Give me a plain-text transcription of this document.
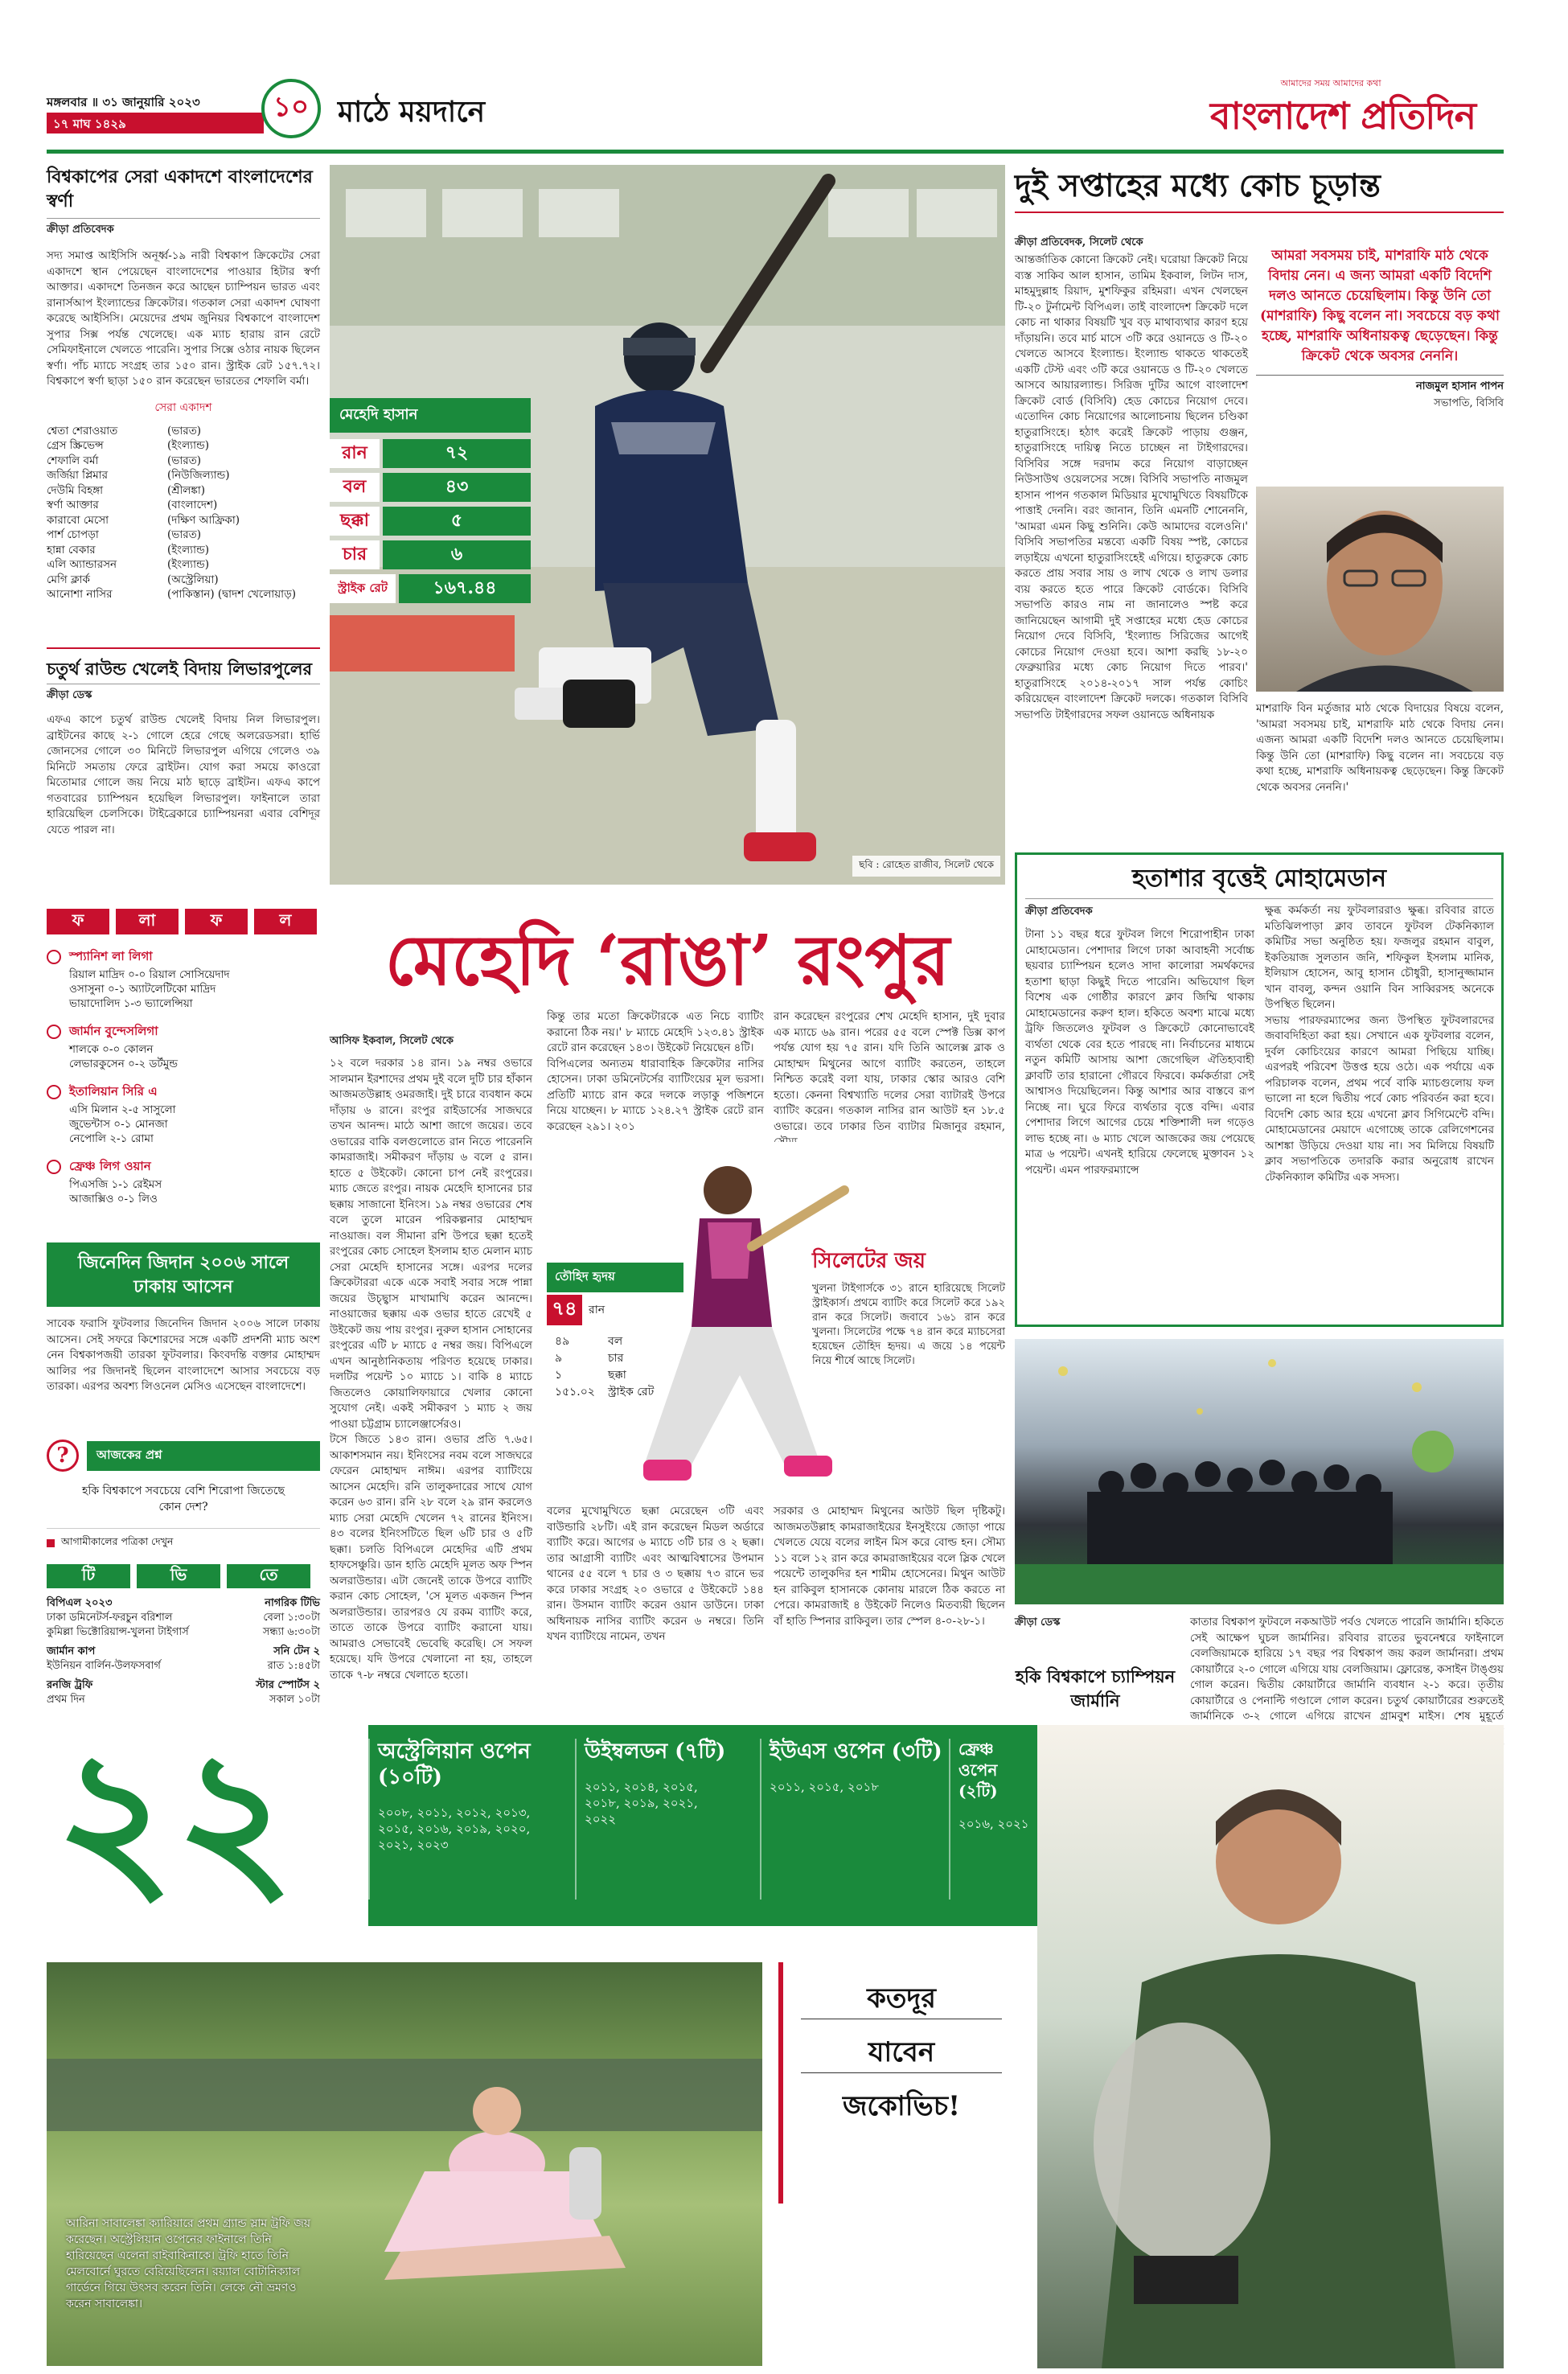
মঙ্গলবার ॥ ৩১ জানুয়ারি ২০২৩
১৭ মাঘ ১৪২৯
১০ মাঠে ময়দানে
আমাদের সময় আমাদের কথা
বাংলাদেশ প্রতিদিন
বিশ্বকাপের সেরা একাদশে বাংলাদেশের স্বর্ণা
ক্রীড়া প্রতিবেদক
সদ্য সমাপ্ত আইসিসি অনূর্ধ্ব-১৯ নারী বিশ্বকাপ ক্রিকেটের সেরা একাদশে স্থান পেয়েছেন বাংলাদেশের পাওয়ার হিটার স্বর্ণা আক্তার। একাদশে তিনজন করে আছেন চ্যাম্পিয়ন ভারত এবং রানার্সআপ ইংল্যান্ডের ক্রিকেটার। গতকাল সেরা একাদশ ঘোষণা করেছে আইসিসি। মেয়েদের প্রথম জুনিয়র বিশ্বকাপে বাংলাদেশ সুপার সিক্স পর্যন্ত খেলেছে। এক ম্যাচ হারায় রান রেটে সেমিফাইনালে খেলতে পারেনি। সুপার সিক্সে ওঠার নায়ক ছিলেন স্বর্ণা। পাঁচ ম্যাচে সংগ্রহ তার ১৫০ রান। স্ট্রাইক রেট ১৫৭.৭২। বিশ্বকাপে স্বর্ণা ছাড়া ১৫০ রান করেছেন ভারতের শেফালি বর্মা।
সেরা একাদশ
শ্বেতা শেরাওয়াত	(ভারত)
গ্রেস স্ক্রিভেন্স	(ইংল্যান্ড)
শেফালি বর্মা	(ভারত)
জর্জিয়া প্লিমার	(নিউজিল্যান্ড)
দেউমি বিহঙ্গা	(শ্রীলঙ্কা)
স্বর্ণা আক্তার	(বাংলাদেশ)
কারাবো মেসো	(দক্ষিণ আফ্রিকা)
পার্শ চোপড়া	(ভারত)
হান্না বেকার	(ইংল্যান্ড)
এলি অ্যান্ডারসন	(ইংল্যান্ড)
মেগি ক্লার্ক	(অস্ট্রেলিয়া)
আনোশা নাসির	(পাকিস্তান) (দ্বাদশ খেলোয়াড়)
চতুর্থ রাউন্ড খেলেই বিদায় লিভারপুলের
ক্রীড়া ডেস্ক
এফএ কাপে চতুর্থ রাউন্ড খেলেই বিদায় নিল লিভারপুল। ব্রাইটনের কাছে ২-১ গোলে হেরে গেছে অলরেডসরা। হার্ভি জোনসের গোলে ৩০ মিনিটে লিভারপুল এগিয়ে গেলেও ৩৯ মিনিটে সমতায় ফেরে ব্রাইটন। যোগ করা সময়ে কাওরো মিতোমার গোলে জয় নিয়ে মাঠ ছাড়ে ব্রাইটন। এফএ কাপে গতবারের চ্যাম্পিয়ন হয়েছিল লিভারপুল। ফাইনালে তারা হারিয়েছিল চেলসিকে। টাইব্রেকারে চ্যাম্পিয়নরা এবার বেশিদূর যেতে পারল না।
ফ	লা	ফ	ল
স্প্যানিশ লা লিগা
রিয়াল মাদ্রিদ ০-০ রিয়াল সোসিয়েদাদ
ওসাসুনা ০-১ অ্যাটলেটিকো মাদ্রিদ
ভায়াদোলিদ ১-৩ ভ্যালেন্সিয়া
জার্মান বুন্দেসলিগা
শালকে ০-০ কোলন
লেভারকুসেন ০-২ ডর্টমুন্ড
ইতালিয়ান সিরি এ
এসি মিলান ২-৫ সাসুলো
জুভেন্টাস ০-১ মোনজা
নেপোলি ২-১ রোমা
ফ্রেঞ্চ লিগ ওয়ান
পিএসজি ১-১ রেইমস
আজাক্সিও ০-১ লিও
জিনেদিন জিদান ২০০৬ সালে ঢাকায় আসেন
সাবেক ফরাসি ফুটবলার জিনেদিন জিদান ২০০৬ সালে ঢাকায় আসেন। সেই সফরে কিশোরদের সঙ্গে একটি প্রদর্শনী ম্যাচ অংশ নেন বিশ্বকাপজয়ী তারকা ফুটবলার। কিংবদন্তি বক্তার মোহাম্মদ আলির পর জিদানই ছিলেন বাংলাদেশে আসার সবচেয়ে বড় তারকা। এরপর অবশ্য লিওনেল মেসিও এসেছেন বাংলাদেশে।
?	আজকের প্রশ্ন
হকি বিশ্বকাপে সবচেয়ে বেশি শিরোপা জিতেছে কোন দেশ?
আগামীকালের পত্রিকা দেখুন
টি	ভি	তে
বিপিএল ২০২৩	নাগরিক টিভি
ঢাকা ডমিনেটর্স-ফরচুন বরিশাল	বেলা ১:৩০টা
কুমিল্লা ভিক্টোরিয়ান্স-খুলনা টাইগার্স	সন্ধ্যা ৬:৩০টা
জার্মান কাপ	সনি টেন ২
ইউনিয়ন বার্লিন-উলফসবার্গ	রাত ১:৪৫টা
রনজি ট্রফি	স্টার স্পোর্টস ২
প্রথম দিন	সকাল ১০টা
মেহেদি হাসান
রান	৭২
বল	৪৩
ছক্কা	৫
চার	৬
স্ট্রাইক রেট	১৬৭.৪৪
ছবি : রোহেত রাজীব, সিলেট থেকে
দুই সপ্তাহের মধ্যে কোচ চূড়ান্ত
ক্রীড়া প্রতিবেদক, সিলেট থেকে
আন্তর্জাতিক কোনো ক্রিকেট নেই। ঘরোয়া ক্রিকেট নিয়ে ব্যস্ত সাকিব আল হাসান, তামিম ইকবাল, লিটন দাস, মাহমুদুল্লাহ রিয়াদ, মুশফিকুর রহিমরা। এখন খেলছেন টি-২০ টুর্নামেন্ট বিপিএল। তাই বাংলাদেশ ক্রিকেট দলে কোচ না থাকার বিষয়টি খুব বড় মাথাব্যথার কারণ হয়ে দাঁড়ায়নি। তবে মার্চ মাসে ৩টি করে ওয়ানডে ও টি-২০ খেলতে আসবে ইংল্যান্ড। ইংল্যান্ড থাকতে থাকতেই একটি টেস্ট এবং ৩টি করে ওয়ানডে ও টি-২০ খেলতে আসবে আয়ারল্যান্ড। সিরিজ দুটির আগে বাংলাদেশ ক্রিকেট বোর্ড (বিসিবি) হেড কোচের নিয়োগ দেবে। এতোদিন কোচ নিয়োগের আলোচনায় ছিলেন চণ্ডিকা হাতুরাসিংহে। হঠাৎ করেই ক্রিকেট পাড়ায় গুঞ্জন, হাতুরাসিংহে দায়িত্ব নিতে চাচ্ছেন না টাইগারদের। বিসিবির সঙ্গে দরদাম করে নিয়োগ বাড়াচ্ছেন নিউসাউথ ওয়েলসের সঙ্গে। বিসিবি সভাপতি নাজমুল হাসান পাপন গতকাল মিডিয়ার মুখোমুখিতে বিষয়টিকে পাত্তাই দেননি। বরং জানান, তিনি এমনটি শোনেননি, 'আমরা এমন কিছু শুনিনি। কেউ আমাদের বলেওনি।' বিসিবি সভাপতির মন্তব্যে একটি বিষয় স্পষ্ট, কোচের লড়াইয়ে এখনো হাতুরাসিংহেই এগিয়ে। হাতুরুকে কোচ করতে প্রায় সবার সায় ও লাখ থেকে ও লাখ ডলার ব্যয় করতে হতে পারে ক্রিকেট বোর্ডকে। বিসিবি সভাপতি কারও নাম না জানালেও স্পষ্ট করে জানিয়েছেন আগামী দুই সপ্তাহের মধ্যে হেড কোচের নিয়োগ দেবে বিসিবি, 'ইংল্যান্ড সিরিজের আগেই কোচের নিয়োগ দেওয়া হবে। আশা করছি ১৮-২০ ফেব্রুয়ারির মধ্যে কোচ নিয়োগ দিতে পারব।' হাতুরাসিংহে ২০১৪-২০১৭ সাল পর্যন্ত কোচিং করিয়েছেন বাংলাদেশ ক্রিকেট দলকে। গতকাল বিসিবি সভাপতি টাইগারদের সফল ওয়ানডে অধিনায়ক
আমরা সবসময় চাই, মাশরাফি মাঠ থেকে বিদায় নেন। এ জন্য আমরা একটি বিদেশি দলও আনতে চেয়েছিলাম। কিন্তু উনি তো (মাশরাফি) কিছু বলেন না। সবচেয়ে বড় কথা হচ্ছে, মাশরাফি অধিনায়কত্ব ছেড়েছেন। কিন্তু ক্রিকেট থেকে অবসর নেননি।
নাজমুল হাসান পাপন
সভাপতি, বিসিবি
মাশরাফি বিন মর্তুজার মাঠ থেকে বিদায়ের বিষয়ে বলেন, 'আমরা সবসময় চাই, মাশরাফি মাঠ থেকে বিদায় নেন। এজন্য আমরা একটি বিদেশি দলও আনতে চেয়েছিলাম। কিন্তু উনি তো (মাশরাফি) কিছু বলেন না। সবচেয়ে বড় কথা হচ্ছে, মাশরাফি অধিনায়কত্ব ছেড়েছেন। কিন্তু ক্রিকেট থেকে অবসর নেননি।'
মেহেদি ‘রাঙা’ রংপুর
আসিফ ইকবাল, সিলেট থেকে
১২ বলে দরকার ১৪ রান। ১৯ নম্বর ওভারে সালমান ইরশাদের প্রথম দুই বলে দুটি চার হাঁকান আজমতউল্লাহ ওমরজাই। দুই চারে ব্যবধান কমে দাঁড়ায় ৬ রানে। রংপুর রাইডার্সের সাজঘরে তখন আনন্দ। মাঠে আশা জাগে জয়ের। তবে ওভারের বাকি বলগুলোতে রান নিতে পারেননি কামরাজাই। সমীকরণ দাঁড়ায় ৬ বলে ৫ রান। হাতে ৫ উইকেট। কোনো চাপ নেই রংপুরের। ম্যাচ জেতে রংপুর। নায়ক মেহেদি হাসানের চার ছক্কায় সাজানো ইনিংস। ১৯ নম্বর ওভারের শেষ বলে তুলে মারেন পরিকল্পনার মোহাম্মদ নাওয়াজ। বল সীমানা রশি উপরে ছক্কা হতেই রংপুরের কোচ সোহেল ইসলাম হাত মেলান ম্যাচ সেরা মেহেদি হাসানের সঙ্গে। এরপর দলের ক্রিকেটাররা একে একে সবাই সবার সঙ্গে পান্না জয়ের উচ্ছ্বাস মাখামাখি করেন আনন্দে। নাওয়াজের ছক্কায় এক ওভার হাতে রেখেই ৫ উইকেট জয় পায় রংপুর। নুরুল হাসান সোহানের রংপুরের এটি ৮ ম্যাচে ৫ নম্বর জয়। বিপিএলে এখন আনুষ্ঠানিকতায় পরিণত হয়েছে ঢাকার। দলটির পয়েন্ট ১০ ম্যাচে ১। বাকি ৪ ম্যাচে জিতলেও কোয়ালিফায়ারে খেলার কোনো সুযোগ নেই। একই সমীকরণ ১ ম্যাচ ২ জয় পাওয়া চট্টগ্রাম চ্যালেঞ্জার্সেরও।
টসে জিতে ১৪৩ রান। ওভার প্রতি ৭.৬৫। আকাশসমান নয়। ইনিংসের নবম বলে সাজঘরে ফেরেন মোহাম্মদ নাঈম। এরপর ব্যাটিংয়ে আসেন মেহেদি। রনি তালুকদারের সাথে যোগ করেন ৬৩ রান। রনি ২৮ বলে ২৯ রান করলেও ম্যাচ সেরা মেহেদি খেলেন ৭২ রানের ইনিংস। ৪৩ বলের ইনিংসটিতে ছিল ৬টি চার ও ৫টি ছক্কা। চলতি বিপিএলে মেহেদির এটি প্রথম হাফসেঞ্চুরি। ডান হাতি মেহেদি মূলত অফ স্পিন অলরাউন্ডার। এটা জেনেই তাকে উপরে ব্যাটিং করান কোচ সোহেল, 'সে মূলত একজন স্পিন অলরাউন্ডার। তারপরও যে রকম ব্যাটিং করে, তাতে তাকে উপরে ব্যাটিং করানো যায়। আমরাও সেভাবেই ভেবেছি করেছি। সে সফল হয়েছে। যদি উপরে খেলানো না হয়, তাহলে তাকে ৭-৮ নম্বরে খেলাতে হতো।
কিন্তু তার মতো ক্রিকেটারকে এত নিচে ব্যাটিং করানো ঠিক নয়।' ৮ ম্যাচে মেহেদি ১২৩.৪১ স্ট্রাইক রেটে রান করেছেন ১৪৩। উইকেট নিয়েছেন ৪টি।
বিপিএলের অন্যতম ধারাবাহিক ক্রিকেটার নাসির হোসেন। ঢাকা ডমিনেটর্সের ব্যাটিংয়ের মূল ভরসা। প্রতিটি ম্যাচে রান করে দলকে লড়াকু পজিশনে নিয়ে যাচ্ছেন। ৮ ম্যাচে ১২৪.২৭ স্ট্রাইক রেটে রান করেছেন ২৯১। ২০১
রান করেছেন রংপুরের শেখ মেহেদি হাসান, দুই দুবার এক ম্যাচে ৬৯ রান। পরের ৫৫ বলে স্পেক্ট ডিক্স কাপ পর্যন্ত যোগ হয় ৭৫ রান। যদি তিনি আলেক্স ব্লাক ও মোহাম্মদ মিথুনের আগে ব্যাটিং করতেন, তাহলে নিশ্চিত করেই বলা যায়, ঢাকার স্কোর আরও বেশি হতো। কেননা বিশ্বখ্যাতি দলের সেরা ব্যাটারই উপরে ব্যাটিং করেন। গতকাল নাসির রান আউট হন ১৮.৫ ওভারে। তবে ঢাকার তিন ব্যাটার মিজানুর রহমান,
বলের মুখোমুখিতে ছক্কা মেরেছেন ৩টি এবং বাউন্ডারি ২৮টি। এই রান করেছেন মিডল অর্ডারে ব্যাটিং করে। আগের ৬ ম্যাচে ৩টি চার ও ২ ছক্কা। তার আগ্রাসী ব্যাটিং এবং আত্মবিশ্বাসের উপমান থানের ৫৫ বলে ৭ চার ও ৩ ছক্কায় ৭৩ রানে ভর করে ঢাকার সংগ্রহ ২০ ওভারে ৫ উইকেটে ১৪৪ রান। উসমান ব্যাটিং করেন ওয়ান ডাউনে। ঢাকা অধিনায়ক নাসির ব্যাটিং করেন ৬ নম্বরে। তিনি যখন ব্যাটিংয়ে নামেন, তখন
সরকার ও মোহাম্মদ মিথুনের আউট ছিল দৃষ্টিকটু। আজমতউল্লাহ কামরাজাইয়ের ইনসুইংয়ে জোড়া পায়ে খেলতে যেয়ে বলের লাইন মিস করে বোল্ড হন। সৌম্য ১১ বলে ১২ রান করে কামরাজাইয়ের বলে স্লিক খেলে পয়েন্টে তালুকদির হন শামীম হোসেনের। মিথুন আউট হন রাকিবুল হাসানকে কোনায় মারলে ঠিক করতে না পেরে। কামরাজাই ৪ উইকেট নিলেও মিতব্যয়ী ছিলেন বাঁ হাতি স্পিনার রাকিবুল। তার স্পেল ৪-০-২৮-১।
তৌহিদ হৃদয়
৭৪	রান
৪৯	বল
৯	চার
১	ছক্কা
১৫১.০২ স্ট্রাইক রেট
সিলেটের জয়
খুলনা টাইগার্সকে ৩১ রানে হারিয়েছে সিলেট স্ট্রাইকার্স। প্রথমে ব্যাটিং করে সিলেট করে ১৯২ রান করে সিলেট। জবাবে ১৬১ রান করে খুলনা। সিলেটের পক্ষে ৭৪ রান করে ম্যাচসেরা হয়েছেন তৌহিদ হৃদয়। এ জয়ে ১৪ পয়েন্ট নিয়ে শীর্ষে আছে সিলেট।
হতাশার বৃত্তেই মোহামেডান
ক্রীড়া প্রতিবেদক
টানা ১১ বছর ধরে ফুটবল লিগে শিরোপাহীন ঢাকা মোহামেডান। পেশাদার লিগে ঢাকা আবাহনী সর্বোচ্চ ছয়বার চ্যাম্পিয়ন হলেও সাদা কালোরা সমর্থকদের হতাশা ছাড়া কিছুই দিতে পারেনি। অভিযোগ ছিল বিশেষ এক গোষ্ঠীর কারণে ক্লাব জিম্মি থাকায় মোহামেডানের করুণ হাল। হকিতে অবশ্য মাঝে মধ্যে ট্রফি জিতলেও ফুটবল ও ক্রিকেটে কোনোভাবেই ব্যর্থতা থেকে বের হতে পারছে না। নির্বাচনের মাধ্যমে নতুন কমিটি আসায় আশা জেগেছিল ঐতিহ্যবাহী ক্লাবটি তার হারানো গৌরবে ফিরবে। কর্মকর্তারা সেই আশ্বাসও দিয়েছিলেন। কিন্তু আশার আর বাস্তবে রূপ নিচ্ছে না। ঘুরে ফিরে ব্যর্থতার বৃত্তে বন্দি। এবার পেশাদার লিগে আগের চেয়ে শক্তিশালী দল গড়েও লাভ হচ্ছে না। ৬ ম্যাচ খেলে আজকের জয় পেয়েছে মাত্র ৬ পয়েন্ট। এখনই হারিয়ে ফেলেছে মুক্তাবন ১২ পয়েন্ট। এমন পারফরম্যান্সে
ক্ষুব্ধ কর্মকর্তা নয় ফুটবলাররাও ক্ষুব্ধ। রবিবার রাতে মতিঝিলপাড়া ক্লাব তাবনে ফুটবল টেকনিক্যাল কমিটির সভা অনুষ্ঠিত হয়। ফজলুর রহমান বাবুল, ইকতিয়াজ সুলতান জনি, শফিকুল ইসলাম মানিক, ইলিয়াস হোসেন, আবু হাসান চৌধুরী, হাসানুজ্জামান খান বাবলু, কন্দন ওয়ানি বিন সাব্বিরসহ অনেকে উপস্থিত ছিলেন।
সভায় পারফরম্যান্সের জন্য উপস্থিত ফুটবলারদের জবাবদিহিতা করা হয়। সেখানে এক ফুটবলার বলেন, দুর্বল কোচিংয়ের কারণে আমরা পিছিয়ে যাচ্ছি। এরপরই পরিবেশ উত্তপ্ত হয়ে ওঠে। এক পর্যায়ে এক পরিচালক বলেন, প্রথম পর্বে বাকি ম্যাচগুলোয় ফল ভালো না হলে দ্বিতীয় পর্বে কোচ পরিবর্তন করা হবে। বিদেশি কোচ আর হয়ে এখনো ক্লাব সিগিমেন্টে বন্দি। মোহামেডানের মেয়াদে এগোচ্ছে তাকে রেলিগেশনের আশঙ্কা উড়িয়ে দেওয়া যায় না। সব মিলিয়ে বিষয়টি ক্লাব সভাপতিকে তদারকি করার অনুরোধ রাখেন টেকনিক্যাল কমিটির এক সদস্য।
ক্রীড়া ডেস্ক
হকি বিশ্বকাপে চ্যাম্পিয়ন জার্মানি
কাতার বিশ্বকাপ ফুটবলে নকআউট পর্বও খেলতে পারেনি জার্মানি। হকিতে সেই আক্ষেপ ঘুচল জার্মানির। রবিবার রাতের ভুবনেশ্বরে ফাইনালে বেলজিয়ামকে হারিয়ে ১৭ বছর পর বিশ্বকাপ জয় করল জার্মানরা। প্রথম কোয়ার্টারে ২-০ গোলে এগিয়ে যায় বেলজিয়াম। ফ্লোরেন্ত, কসাইন টাঙ্গুয় গোল করেন। দ্বিতীয় কোয়ার্টারে জার্মানি ব্যবধান ২-১ করে। তৃতীয় কোয়ার্টারে ও পেনাল্টি গণ্ডালে গোল করেন। চতুর্থ কোয়ার্টারের শুরুতেই জার্মানিকে ৩-২ গোলে এগিয়ে রাখেন গ্রামবুশ মাইস। শেষ মুহূর্তে
২২	অস্ট্রেলিয়ান ওপেন (১০টি)
২০০৮, ২০১১, ২০১২, ২০১৩,
২০১৫, ২০১৬, ২০১৯, ২০২০,
২০২১, ২০২৩
উইম্বলডন (৭টি)
২০১১, ২০১৪, ২০১৫,
২০১৮, ২০১৯, ২০২১,
২০২২
ইউএস ওপেন (৩টি)
২০১১, ২০১৫, ২০১৮
ফ্রেঞ্চ ওপেন (২টি)
২০১৬, ২০২১
কতদূর
যাবেন
জকোভিচ!
আরিনা সাবালেঙ্কা ক্যারিয়ারে প্রথম গ্র্যান্ড স্লাম ট্রফি জয় করেছেন। অস্ট্রেলিয়ান ওপেনের ফাইনালে তিনি হারিয়েছেন এলেনা রাইবাকিনাকে। ট্রফি হাতে তিনি মেলবোর্নে ঘুরতে বেরিয়েছিলেন। রয়্যাল বোটানিক্যাল গার্ডেনে গিয়ে উৎসব করেন তিনি। লেকে নৌ ভ্রমণও করেন সাবালেঙ্কা।
